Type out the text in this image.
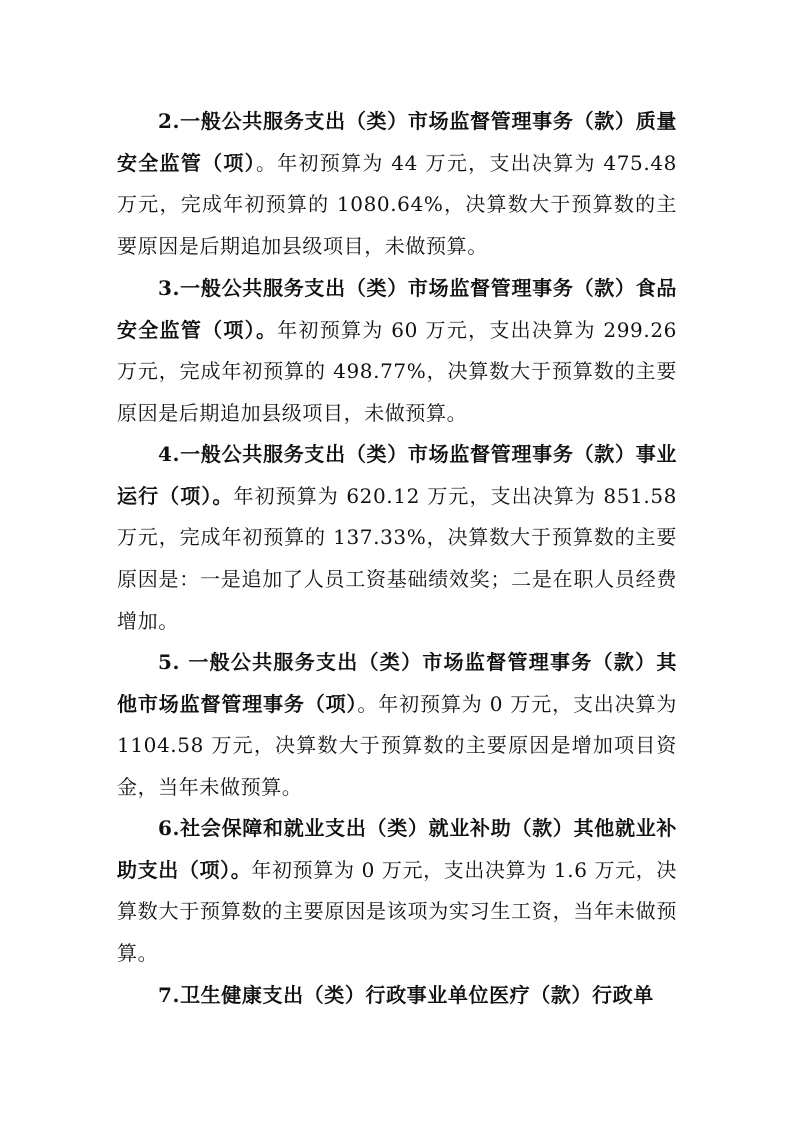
2.一般公共服务支出（类）市场监督管理事务（款）质量安全监管（项）。年初预算为 44 万元，支出决算为 475.48 万元，完成年初预算的 1080.64%，决算数大于预算数的主要原因是后期追加县级项目，未做预算。

3.一般公共服务支出（类）市场监督管理事务（款）食品安全监管（项）。年初预算为 60 万元，支出决算为 299.26 万元，完成年初预算的 498.77%，决算数大于预算数的主要原因是后期追加县级项目，未做预算。

4.一般公共服务支出（类）市场监督管理事务（款）事业运行（项）。年初预算为 620.12 万元，支出决算为 851.58 万元，完成年初预算的 137.33%，决算数大于预算数的主要原因是：一是追加了人员工资基础绩效奖；二是在职人员经费增加。

5. 一般公共服务支出（类）市场监督管理事务（款）其他市场监督管理事务（项）。年初预算为 0 万元，支出决算为 1104.58 万元，决算数大于预算数的主要原因是增加项目资金，当年未做预算。

6.社会保障和就业支出（类）就业补助（款）其他就业补助支出（项）。年初预算为 0 万元，支出决算为 1.6 万元，决算数大于预算数的主要原因是该项为实习生工资，当年未做预算。

7.卫生健康支出（类）行政事业单位医疗（款）行政单
